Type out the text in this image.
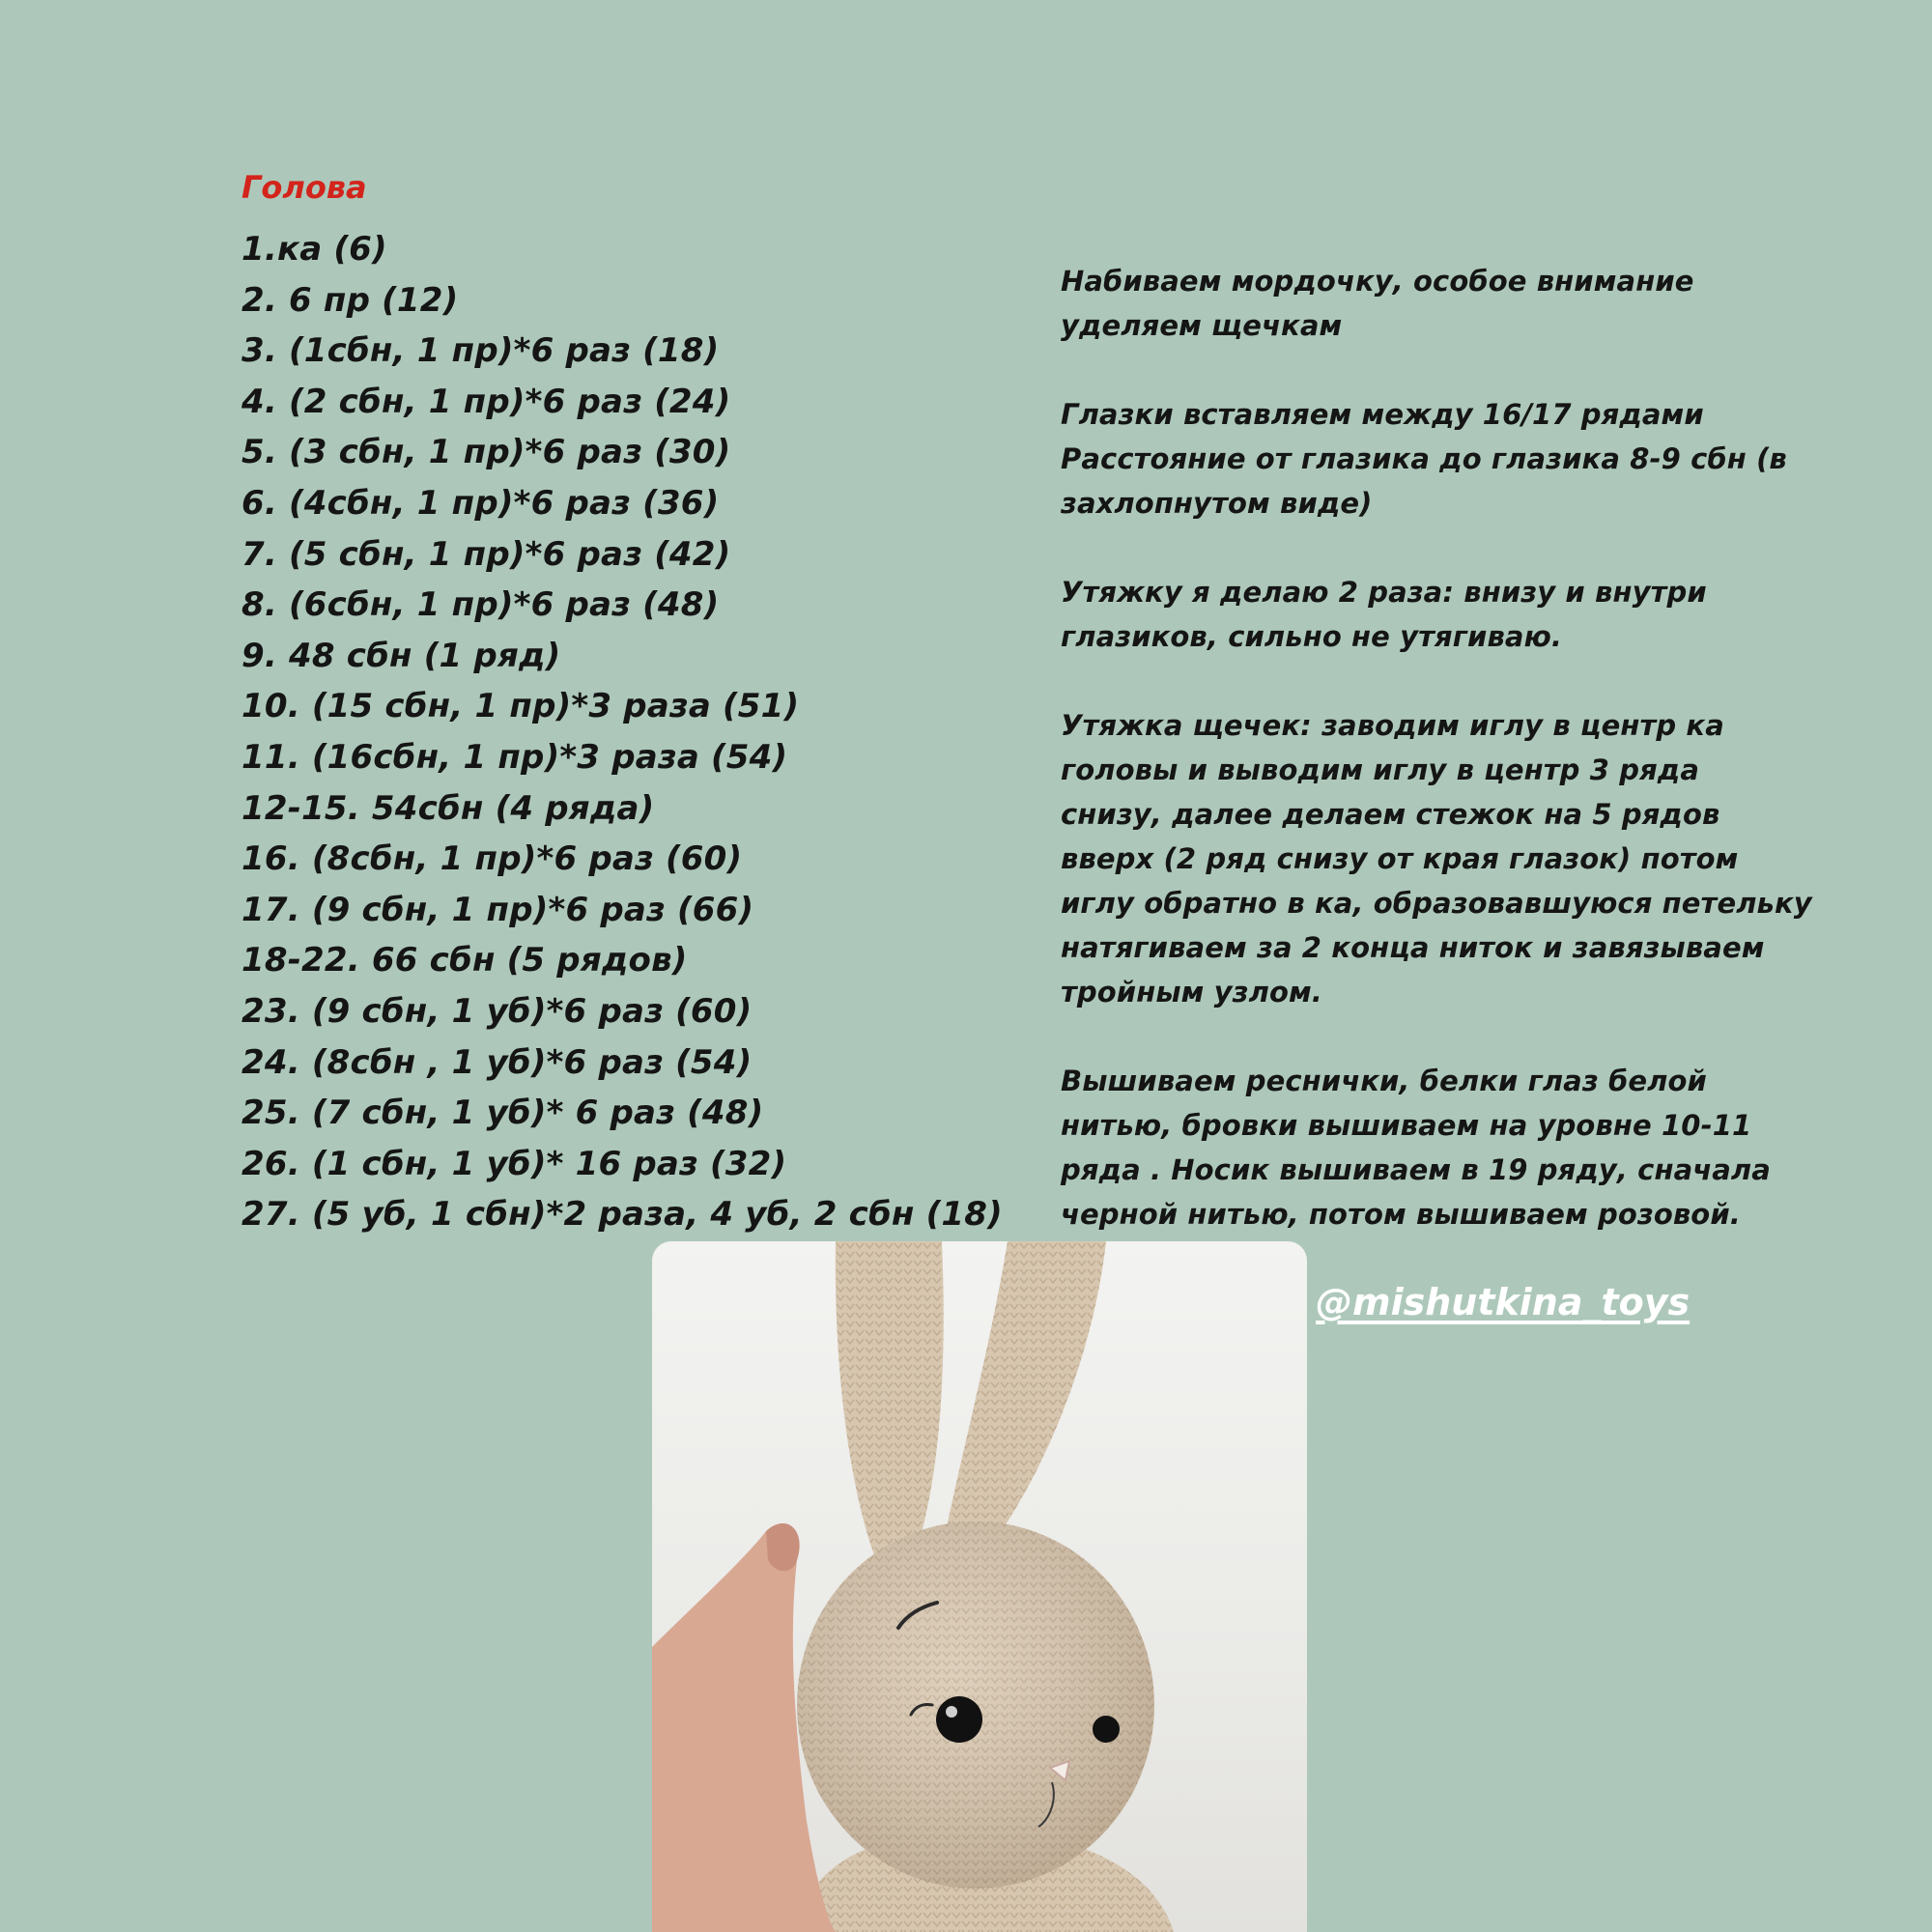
Голова
1.ка (6)
2. 6 пр (12)
3. (1сбн, 1 пр)*6 раз (18)
4. (2 сбн, 1 пр)*6 раз (24)
5. (3 сбн, 1 пр)*6 раз (30)
6. (4сбн, 1 пр)*6 раз (36)
7. (5 сбн, 1 пр)*6 раз (42)
8. (6сбн, 1 пр)*6 раз (48)
9. 48 сбн (1 ряд)
10. (15 сбн, 1 пр)*3 раза (51)
11. (16сбн, 1 пр)*3 раза (54)
12-15. 54сбн (4 ряда)
16. (8сбн, 1 пр)*6 раз (60)
17. (9 сбн, 1 пр)*6 раз (66)
18-22. 66 сбн (5 рядов)
23. (9 сбн, 1 уб)*6 раз (60)
24. (8сбн , 1 уб)*6 раз (54)
25. (7 сбн, 1 уб)* 6 раз (48)
26. (1 сбн, 1 уб)* 16 раз (32)
27. (5 уб, 1 сбн)*2 раза, 4 уб, 2 сбн (18)

Набиваем мордочку, особое внимание
уделяем щечкам

Глазки вставляем между 16/17 рядами
Расстояние от глазика до глазика 8-9 сбн (в
захлопнутом виде)

Утяжку я делаю 2 раза: внизу и внутри
глазиков, сильно не утягиваю.

Утяжка щечек: заводим иглу в центр ка
головы и выводим иглу в центр 3 ряда
снизу, далее делаем стежок на 5 рядов
вверх (2 ряд снизу от края глазок) потом
иглу обратно в ка, образовавшуюся петельку
натягиваем за 2 конца ниток и завязываем
тройным узлом.

Вышиваем реснички, белки глаз белой
нитью, бровки вышиваем на уровне 10-11
ряда . Носик вышиваем в 19 ряду, сначала
черной нитью, потом вышиваем розовой.

@mishutkina_toys
